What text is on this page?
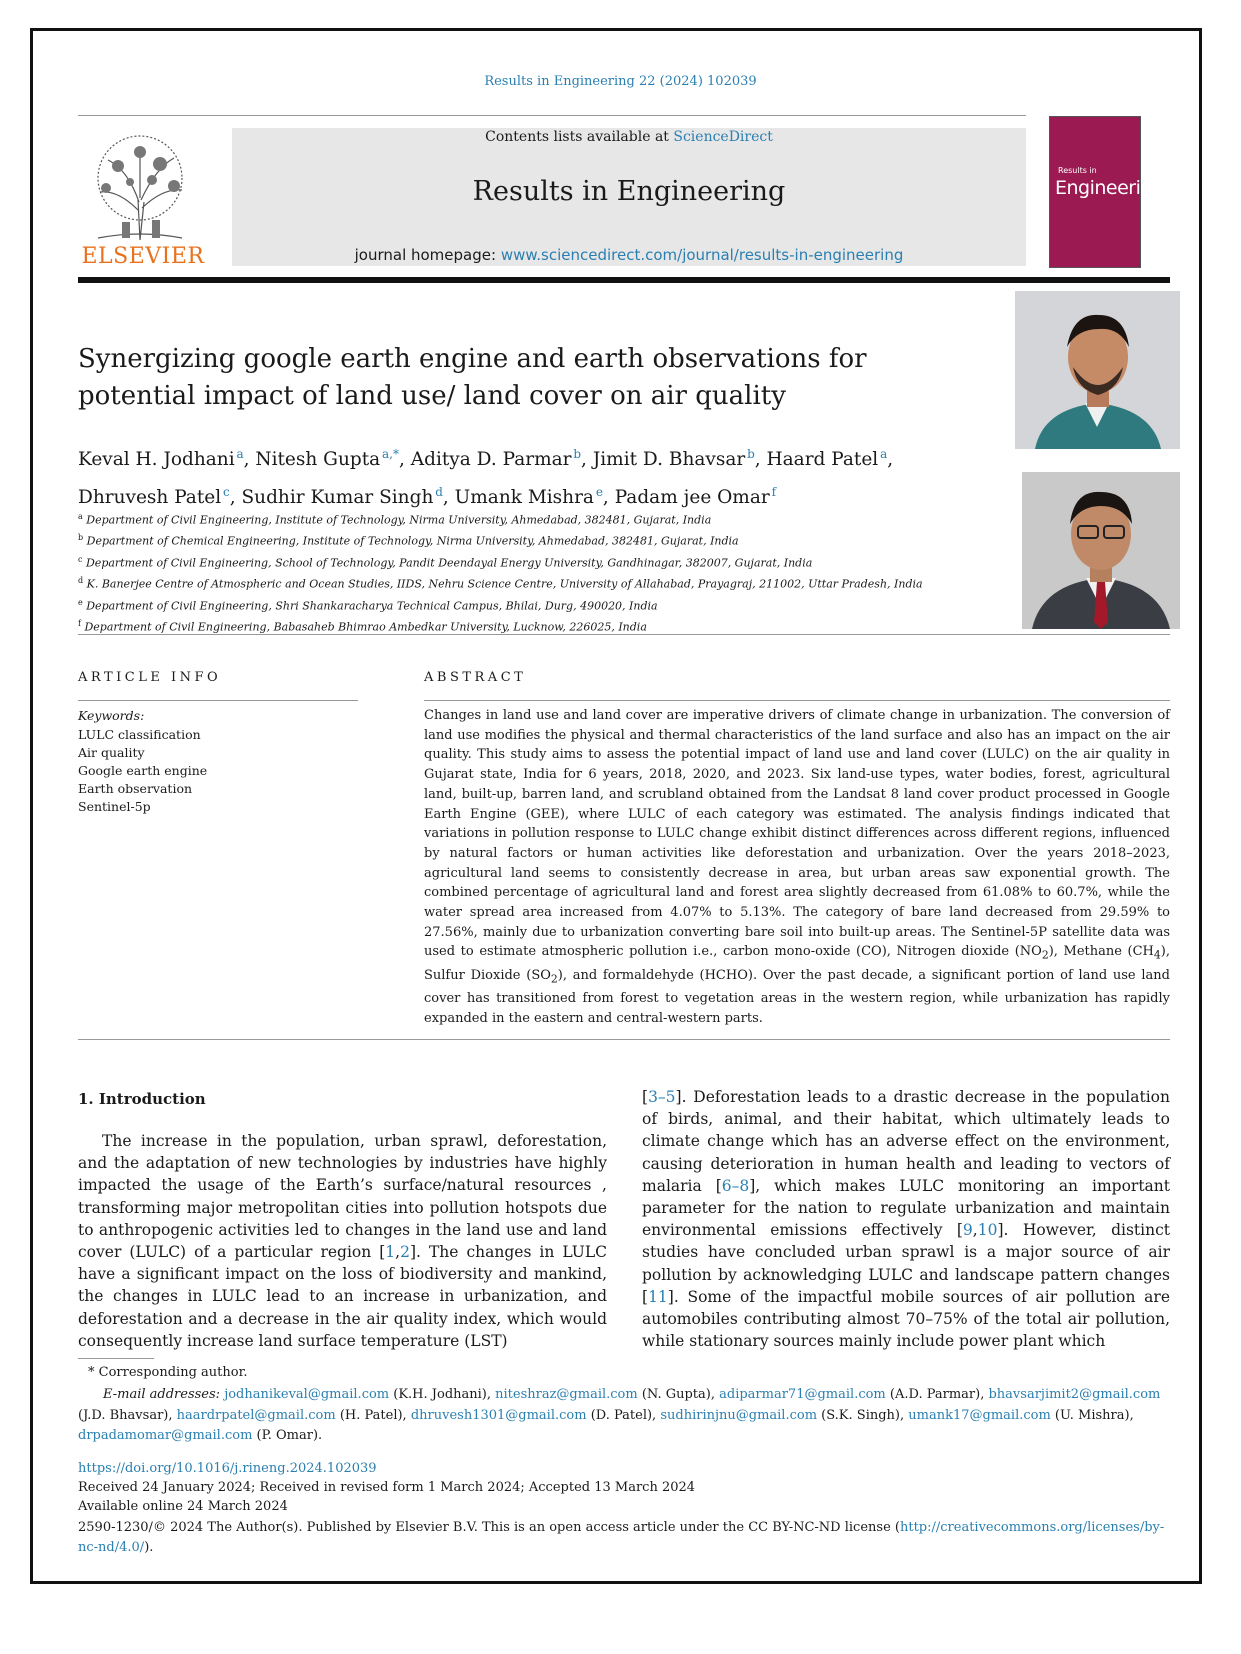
Results in Engineering 22 (2024) 102039
ELSEVIER
Contents lists available at ScienceDirect
Results in Engineering
journal homepage: www.sciencedirect.com/journal/results-in-engineering
Results in
Engineering
Synergizing google earth engine and earth observations for potential impact of land use/ land cover on air quality
Keval H. Jodhani  $^a$, Nitesh Gupta  $^{a,*}$, Aditya D. Parmar  $^b$, Jimit D. Bhavsar  $^b$, Haard Patel  $^a$,
Dhruvesh Patel  $^c$, Sudhir Kumar Singh  $^d$, Umank Mishra  $^e$, Padam jee Omar  $^f$
$^a$ Department of Civil Engineering, Institute of Technology, Nirma University, Ahmedabad, 382481, Gujarat, India
$^b$ Department of Chemical Engineering, Institute of Technology, Nirma University, Ahmedabad, 382481, Gujarat, India
$^c$ Department of Civil Engineering, School of Technology, Pandit Deendayal Energy University, Gandhinagar, 382007, Gujarat, India
$^d$ K. Banerjee Centre of Atmospheric and Ocean Studies, IIDS, Nehru Science Centre, University of Allahabad, Prayagraj, 211002, Uttar Pradesh, India
$^e$ Department of Civil Engineering, Shri Shankaracharya Technical Campus, Bhilai, Durg, 490020, India
$^f$ Department of Civil Engineering, Babasaheb Bhimrao Ambedkar University, Lucknow, 226025, India
ARTICLE INFO
Keywords:
LULC classification
Air quality
Google earth engine
Earth observation
Sentinel-5p
ABSTRACT
Changes in land use and land cover are imperative drivers of climate change in urbanization. The conversion of land use modifies the physical and thermal characteristics of the land surface and also has an impact on the air quality. This study aims to assess the potential impact of land use and land cover (LULC) on the air quality in Gujarat state, India for 6 years, 2018, 2020, and 2023. Six land-use types, water bodies, forest, agricultural land, built-up, barren land, and scrubland obtained from the Landsat 8 land cover product processed in Google Earth Engine (GEE), where LULC of each category was estimated. The analysis findings indicated that variations in pollution response to LULC change exhibit distinct differences across different regions, influenced by natural factors or human activities like deforestation and urbanization. Over the years 2018–2023, agricultural land seems to consistently decrease in area, but urban areas saw exponential growth. The combined percentage of agricultural land and forest area slightly decreased from 61.08% to 60.7%, while the water spread area increased from 4.07% to 5.13%. The category of bare land decreased from 29.59% to 27.56%, mainly due to urbanization converting bare soil into built-up areas. The Sentinel-5P satellite data was used to estimate atmospheric pollution i.e., carbon mono-oxide (CO), Nitrogen dioxide $(NO_2)$, Methane $(CH_4)$, Sulfur Dioxide $(SO_2)$, and formaldehyde (HCHO). Over the past decade, a significant portion of land use land cover has transitioned from forest to vegetation areas in the western region, while urbanization has rapidly expanded in the eastern and central-western parts.
1. Introduction
The increase in the population, urban sprawl, deforestation, and the adaptation of new technologies by industries have highly impacted the usage of the Earth’s surface/natural resources , transforming major metropolitan cities into pollution hotspots due to anthropogenic activities led to changes in the land use and land cover (LULC) of a particular region [1,2]. The changes in LULC have a significant impact on the loss of biodiversity and mankind, the changes in LULC lead to an increase in urbanization, and deforestation and a decrease in the air quality index, which would consequently increase land surface temperature (LST)
[3–5]. Deforestation leads to a drastic decrease in the population of birds, animal, and their habitat, which ultimately leads to climate change which has an adverse effect on the environment, causing deterioration in human health and leading to vectors of malaria [6–8], which makes LULC monitoring an important parameter for the nation to regulate urbanization and maintain environmental emissions effectively [9,10]. However, distinct studies have concluded urban sprawl is a major source of air pollution by acknowledging LULC and landscape pattern changes [11]. Some of the impactful mobile sources of air pollution are automobiles contributing almost 70–75% of the total air pollution, while stationary sources mainly include power plant which
* Corresponding author.
E-mail addresses: jodhanikeval@gmail.com (K.H. Jodhani), niteshraz@gmail.com (N. Gupta), adiparmar71@gmail.com (A.D. Parmar), bhavsarjimit2@gmail.com (J.D. Bhavsar), haardrpatel@gmail.com (H. Patel), dhruvesh1301@gmail.com (D. Patel), sudhirinjnu@gmail.com (S.K. Singh), umank17@gmail.com (U. Mishra), drpadamomar@gmail.com (P. Omar).
https://doi.org/10.1016/j.rineng.2024.102039
Received 24 January 2024; Received in revised form 1 March 2024; Accepted 13 March 2024
Available online 24 March 2024
2590-1230/© 2024 The Author(s). Published by Elsevier B.V. This is an open access article under the CC BY-NC-ND license (http://creativecommons.org/licenses/by-nc-nd/4.0/).
